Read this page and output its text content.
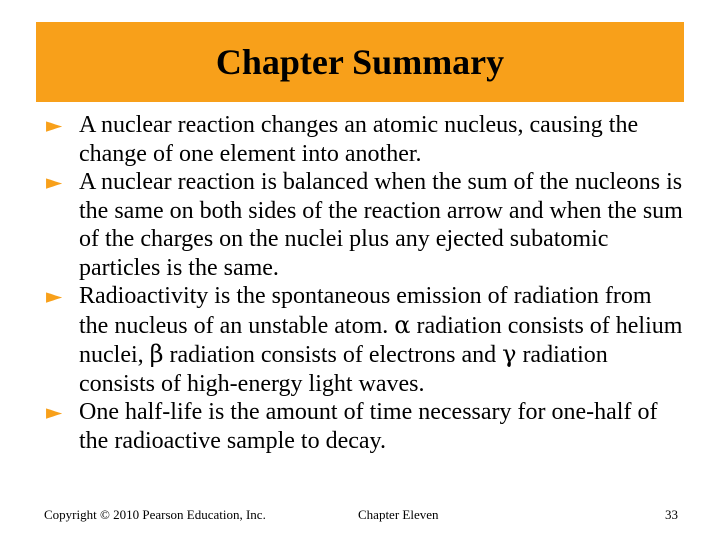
Chapter Summary
► A nuclear reaction changes an atomic nucleus, causing the change of one element into another.
► A nuclear reaction is balanced when the sum of the nucleons is the same on both sides of the reaction arrow and when the sum of the charges on the nuclei plus any ejected subatomic particles is the same.
► Radioactivity is the spontaneous emission of radiation from the nucleus of an unstable atom. α radiation consists of helium nuclei, β radiation consists of electrons and γ radiation consists of high-energy light waves.
► One half-life is the amount of time necessary for one-half of the radioactive sample to decay.
Copyright © 2010 Pearson Education, Inc.	Chapter Eleven	33
